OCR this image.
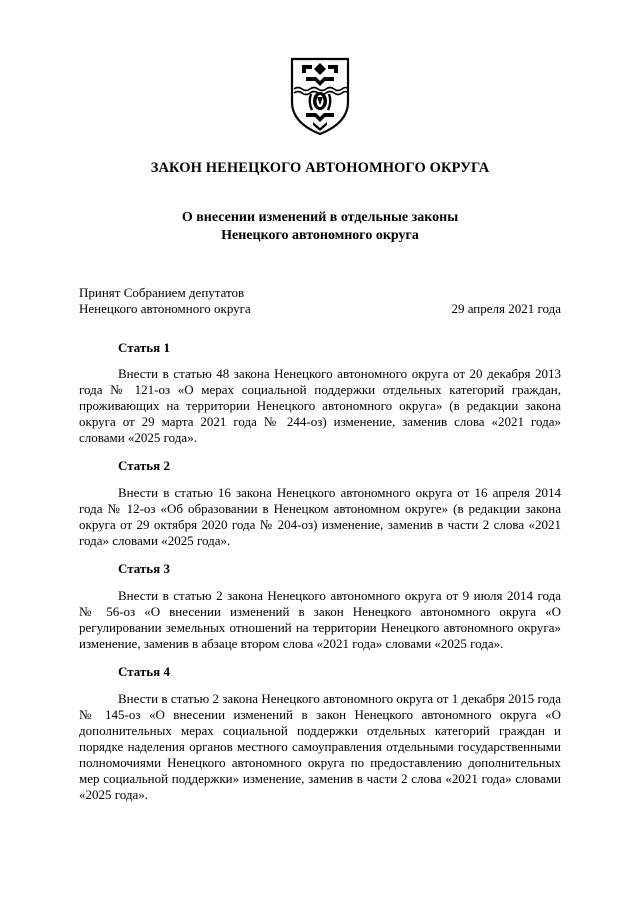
ЗАКОН НЕНЕЦКОГО АВТОНОМНОГО ОКРУГА
О внесении изменений в отдельные законы
Ненецкого автономного округа
Принят Собранием депутатов
Ненецкого автономного округа	29 апреля 2021 года
Статья 1

Внести в статью 48 закона Ненецкого автономного округа от 20 декабря 2013 года № 121-оз «О мерах социальной поддержки отдельных категорий граждан, проживающих на территории Ненецкого автономного округа» (в редакции закона округа от 29 марта 2021 года № 244-оз) изменение, заменив слова «2021 года» словами «2025 года».

Статья 2

Внести в статью 16 закона Ненецкого автономного округа от 16 апреля 2014 года № 12-оз «Об образовании в Ненецком автономном округе» (в редакции закона округа от 29 октября 2020 года № 204-оз) изменение, заменив в части 2 слова «2021 года» словами «2025 года».

Статья 3

Внести в статью 2 закона Ненецкого автономного округа от 9 июля 2014 года № 56-оз «О внесении изменений в закон Ненецкого автономного округа «О регулировании земельных отношений на территории Ненецкого автономного округа» изменение, заменив в абзаце втором слова «2021 года» словами «2025 года».

Статья 4

Внести в статью 2 закона Ненецкого автономного округа от 1 декабря 2015 года № 145-оз «О внесении изменений в закон Ненецкого автономного округа «О дополнительных мерах социальной поддержки отдельных категорий граждан и порядке наделения органов местного самоуправления отдельными государственными полномочиями Ненецкого автономного округа по предоставлению дополнительных мер социальной поддержки» изменение, заменив в части 2 слова «2021 года» словами «2025 года».
